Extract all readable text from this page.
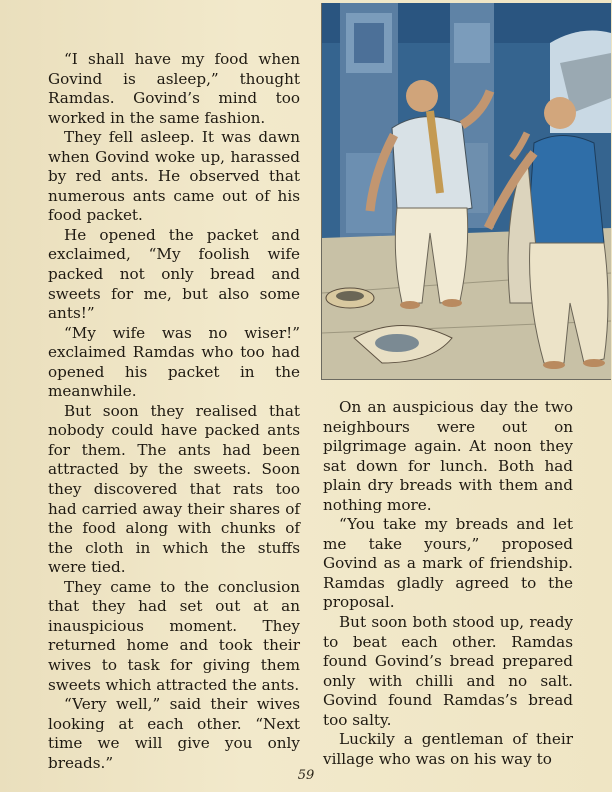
“I shall have my food when Govind is asleep,” thought Ramdas. Govind’s mind too worked in the same fashion.

They fell asleep. It was dawn when Govind woke up, harassed by red ants. He observed that numerous ants came out of his food packet.

He opened the packet and exclaimed, “My foolish wife packed not only bread and sweets for me, but also some ants!”

“My wife was no wiser!” exclaimed Ramdas who too had opened his packet in the meanwhile.

But soon they realised that nobody could have packed ants for them. The ants had been attracted by the sweets. Soon they discovered that rats too had carried away their shares of the food along with chunks of the cloth in which the stuffs were tied.

They came to the conclusion that they had set out at an inauspicious moment. They returned home and took their wives to task for giving them sweets which attracted the ants.

“Very well,” said their wives looking at each other. “Next time we will give you only breads.”

On an auspicious day the two neighbours were out on pilgrimage again. At noon they sat down for lunch. Both had plain dry breads with them and nothing more.

“You take my breads and let me take yours,” proposed Govind as a mark of friendship. Ramdas gladly agreed to the proposal.

But soon both stood up, ready to beat each other. Ramdas found Govind’s bread prepared only with chilli and no salt. Govind found Ramdas’s bread too salty.

Luckily a gentleman of their village who was on his way to

59
